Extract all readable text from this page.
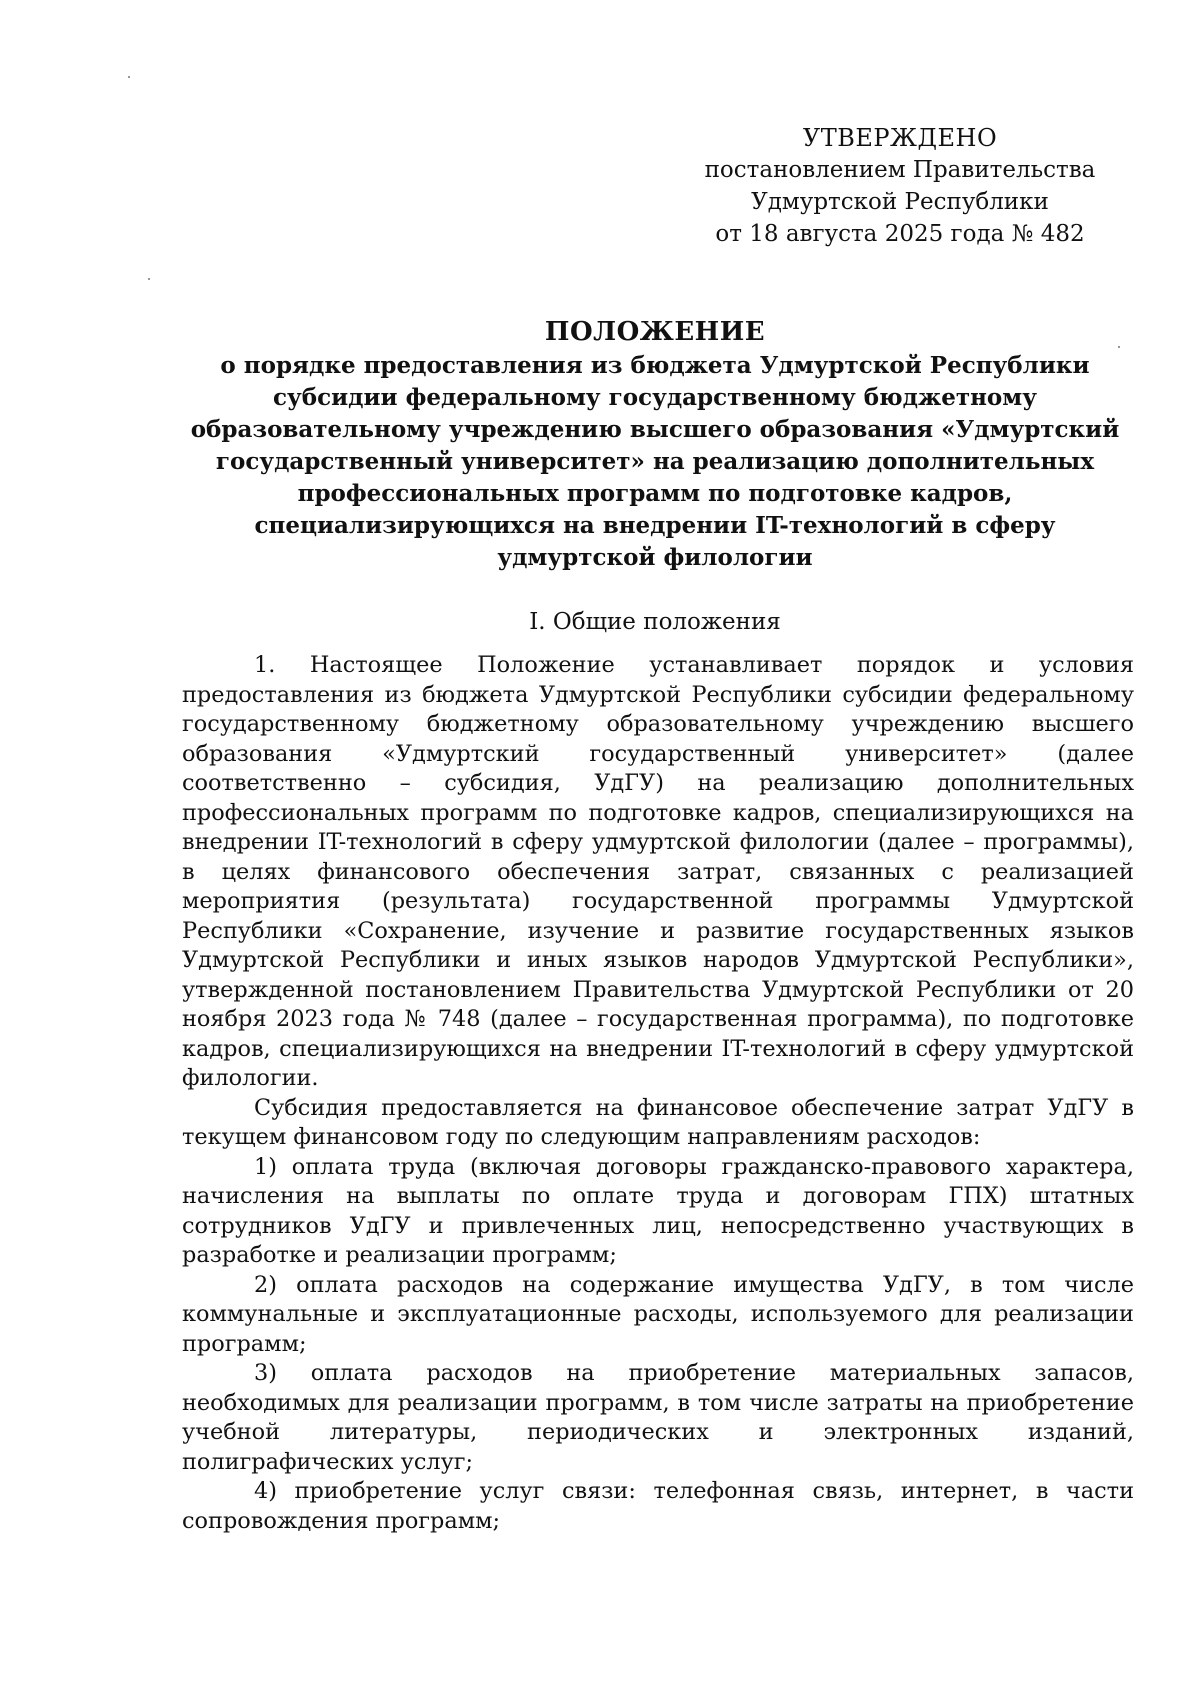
УТВЕРЖДЕНО
постановлением Правительства
Удмуртской Республики
от 18 августа 2025 года № 482
ПОЛОЖЕНИЕ
о порядке предоставления из бюджета Удмуртской Республики субсидии федеральному государственному бюджетному образовательному учреждению высшего образования «Удмуртский государственный университет» на реализацию дополнительных профессиональных программ по подготовке кадров, специализирующихся на внедрении IT-технологий в сферу удмуртской филологии
I. Общие положения

1. Настоящее Положение устанавливает порядок и условия предоставления из бюджета Удмуртской Республики субсидии федеральному государственному бюджетному образовательному учреждению высшего образования «Удмуртский государственный университет» (далее соответственно – субсидия, УдГУ) на реализацию дополнительных профессиональных программ по подготовке кадров, специализирующихся на внедрении IT-технологий в сферу удмуртской филологии (далее – программы), в целях финансового обеспечения затрат, связанных с реализацией мероприятия (результата) государственной программы Удмуртской Республики «Сохранение, изучение и развитие государственных языков Удмуртской Республики и иных языков народов Удмуртской Республики», утвержденной постановлением Правительства Удмуртской Республики от 20 ноября 2023 года № 748 (далее – государственная программа), по подготовке кадров, специализирующихся на внедрении IT-технологий в сферу удмуртской филологии.

Субсидия предоставляется на финансовое обеспечение затрат УдГУ в текущем финансовом году по следующим направлениям расходов:

1) оплата труда (включая договоры гражданско-правового характера, начисления на выплаты по оплате труда и договорам ГПХ) штатных сотрудников УдГУ и привлеченных лиц, непосредственно участвующих в разработке и реализации программ;

2) оплата расходов на содержание имущества УдГУ, в том числе коммунальные и эксплуатационные расходы, используемого для реализации программ;

3) оплата расходов на приобретение материальных запасов, необходимых для реализации программ, в том числе затраты на приобретение учебной литературы, периодических и электронных изданий, полиграфических услуг;

4) приобретение услуг связи: телефонная связь, интернет, в части сопровождения программ;
